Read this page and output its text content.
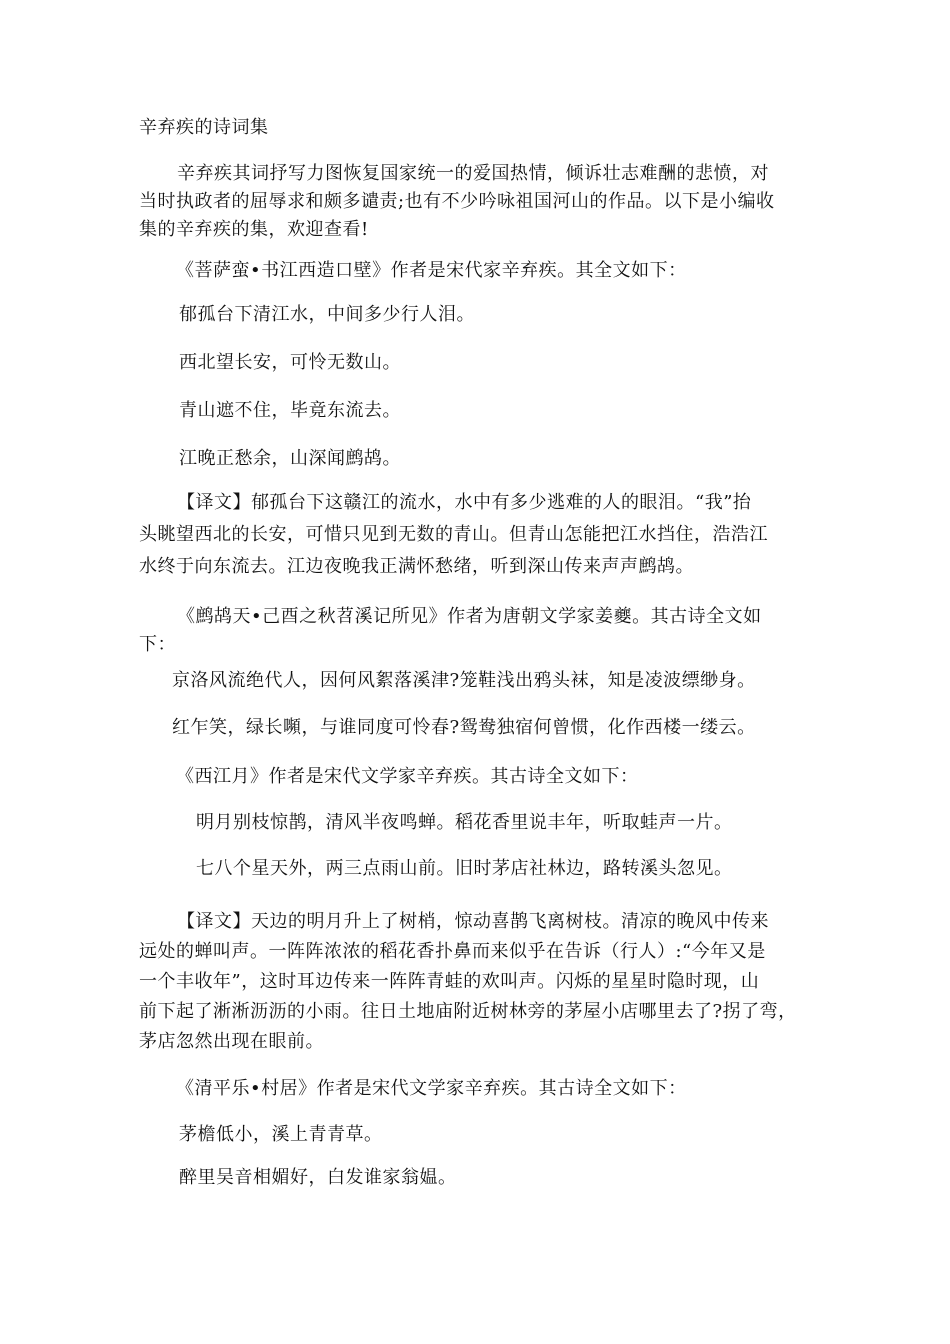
辛弃疾的诗词集
辛弃疾其词抒写力图恢复国家统一的爱国热情，倾诉壮志难酬的悲愤，对
当时执政者的屈辱求和颇多谴责;也有不少吟咏祖国河山的作品。以下是小编收
集的辛弃疾的集，欢迎查看!
《菩萨蛮•书江西造口壁》作者是宋代家辛弃疾。其全文如下：
郁孤台下清江水，中间多少行人泪。
西北望长安，可怜无数山。
青山遮不住，毕竟东流去。
江晚正愁余，山深闻鹧鸪。
【译文】郁孤台下这赣江的流水，水中有多少逃难的人的眼泪。“我”抬
头眺望西北的长安，可惜只见到无数的青山。但青山怎能把江水挡住，浩浩江
水终于向东流去。江边夜晚我正满怀愁绪，听到深山传来声声鹧鸪。
《鹧鸪天•己酉之秋苕溪记所见》作者为唐朝文学家姜夔。其古诗全文如
下：
京洛风流绝代人，因何风絮落溪津?笼鞋浅出鸦头袜，知是凌波缥缈身。
红乍笑，绿长嚬，与谁同度可怜春?鸳鸯独宿何曾惯，化作西楼一缕云。
《西江月》作者是宋代文学家辛弃疾。其古诗全文如下：
明月别枝惊鹊，清风半夜鸣蝉。稻花香里说丰年，听取蛙声一片。
七八个星天外，两三点雨山前。旧时茅店社林边，路转溪头忽见。
【译文】天边的明月升上了树梢，惊动喜鹊飞离树枝。清凉的晚风中传来
远处的蝉叫声。一阵阵浓浓的稻花香扑鼻而来似乎在告诉（行人）:“今年又是
一个丰收年”，这时耳边传来一阵阵青蛙的欢叫声。闪烁的星星时隐时现，山
前下起了淅淅沥沥的小雨。往日土地庙附近树林旁的茅屋小店哪里去了?拐了弯，
茅店忽然出现在眼前。
《清平乐•村居》作者是宋代文学家辛弃疾。其古诗全文如下：
茅檐低小，溪上青青草。
醉里吴音相媚好，白发谁家翁媪。
